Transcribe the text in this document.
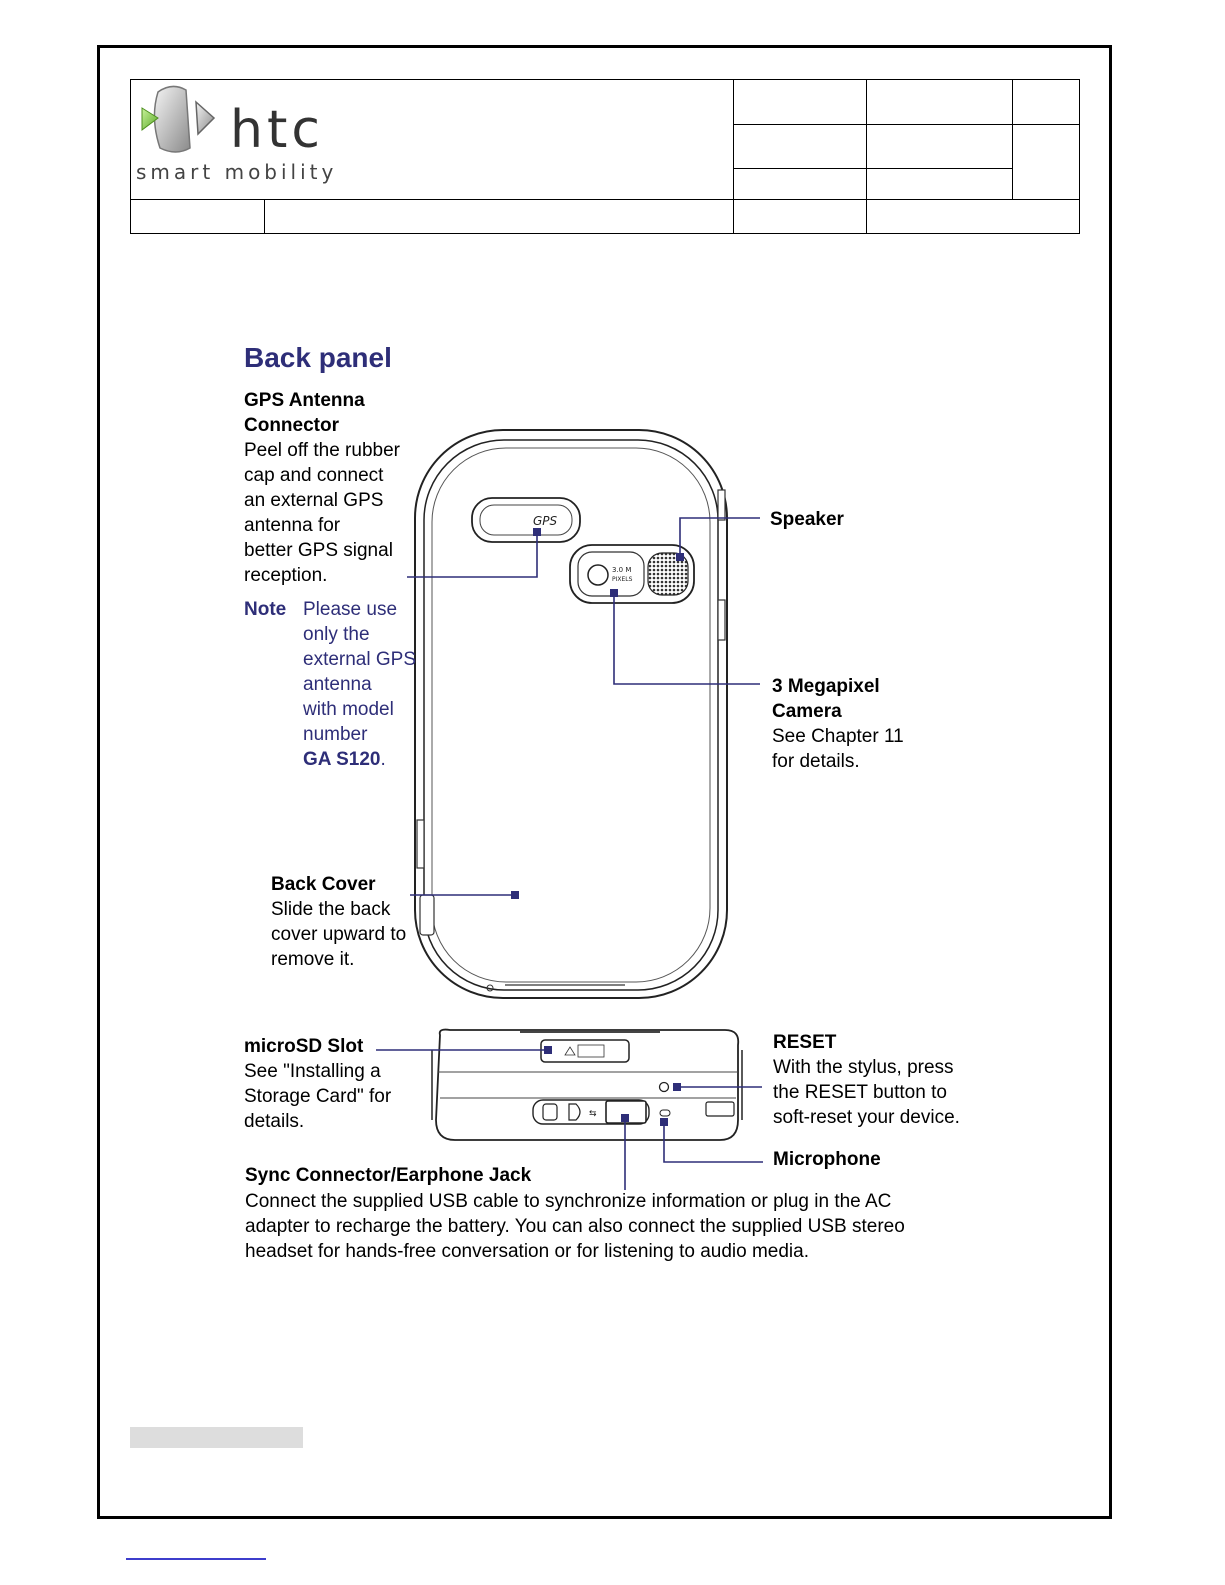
htc
smart mobility
Back panel
GPS
3.0 M
PIXELS
⇆
GPS Antenna
Connector
Peel off the rubber
cap and connect
an external GPS
antenna for
better GPS signal
reception.
Note Please use
only the
external GPS
antenna
with model
number
GA S120.
Speaker
3 Megapixel
Camera
See Chapter 11
for details.
Back Cover
Slide the back
cover upward to
remove it.
microSD Slot
See "Installing a
Storage Card" for
details.
RESET
With the stylus, press
the RESET button to
soft-reset your device.
Microphone
Sync Connector/Earphone Jack
Connect the supplied USB cable to synchronize information or plug in the AC
adapter to recharge the battery. You can also connect the supplied USB stereo
headset for hands-free conversation or for listening to audio media.
